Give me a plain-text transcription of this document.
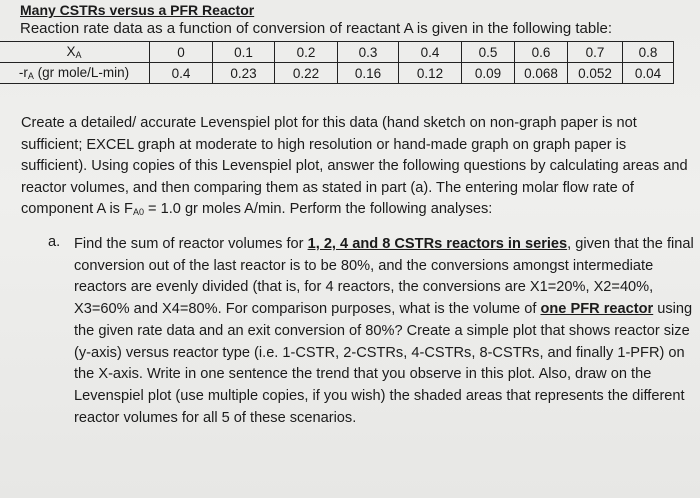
Many CSTRs versus a PFR Reactor
Reaction rate data as a function of conversion of reactant A is given in the following table:
$X_A$	0	0.1	0.2	0.3	0.4	0.5	0.6	0.7	0.8
$-r_A$ (gr mole/L-min)	0.4	0.23	0.22	0.16	0.12	0.09	0.068	0.052	0.04

Create a detailed/ accurate Levenspiel plot for this data (hand sketch on non-graph paper is not sufficient; EXCEL graph at moderate to high resolution or hand-made graph on graph paper is sufficient). Using copies of this Levenspiel plot, answer the following questions by calculating areas and reactor volumes, and then comparing them as stated in part (a). The entering molar flow rate of component A is $F_{A0} = 1.0$ gr moles A/min. Perform the following analyses:

a. Find the sum of reactor volumes for 1, 2, 4 and 8 CSTRs reactors in series, given that the final conversion out of the last reactor is to be 80%, and the conversions amongst intermediate reactors are evenly divided (that is, for 4 reactors, the conversions are X1=20%, X2=40%, X3=60% and X4=80%. For comparison purposes, what is the volume of one PFR reactor using the given rate data and an exit conversion of 80%? Create a simple plot that shows reactor size (y-axis) versus reactor type (i.e. 1-CSTR, 2-CSTRs, 4-CSTRs, 8-CSTRs, and finally 1-PFR) on the X-axis. Write in one sentence the trend that you observe in this plot. Also, draw on the Levenspiel plot (use multiple copies, if you wish) the shaded areas that represents the different reactor volumes for all 5 of these scenarios.
